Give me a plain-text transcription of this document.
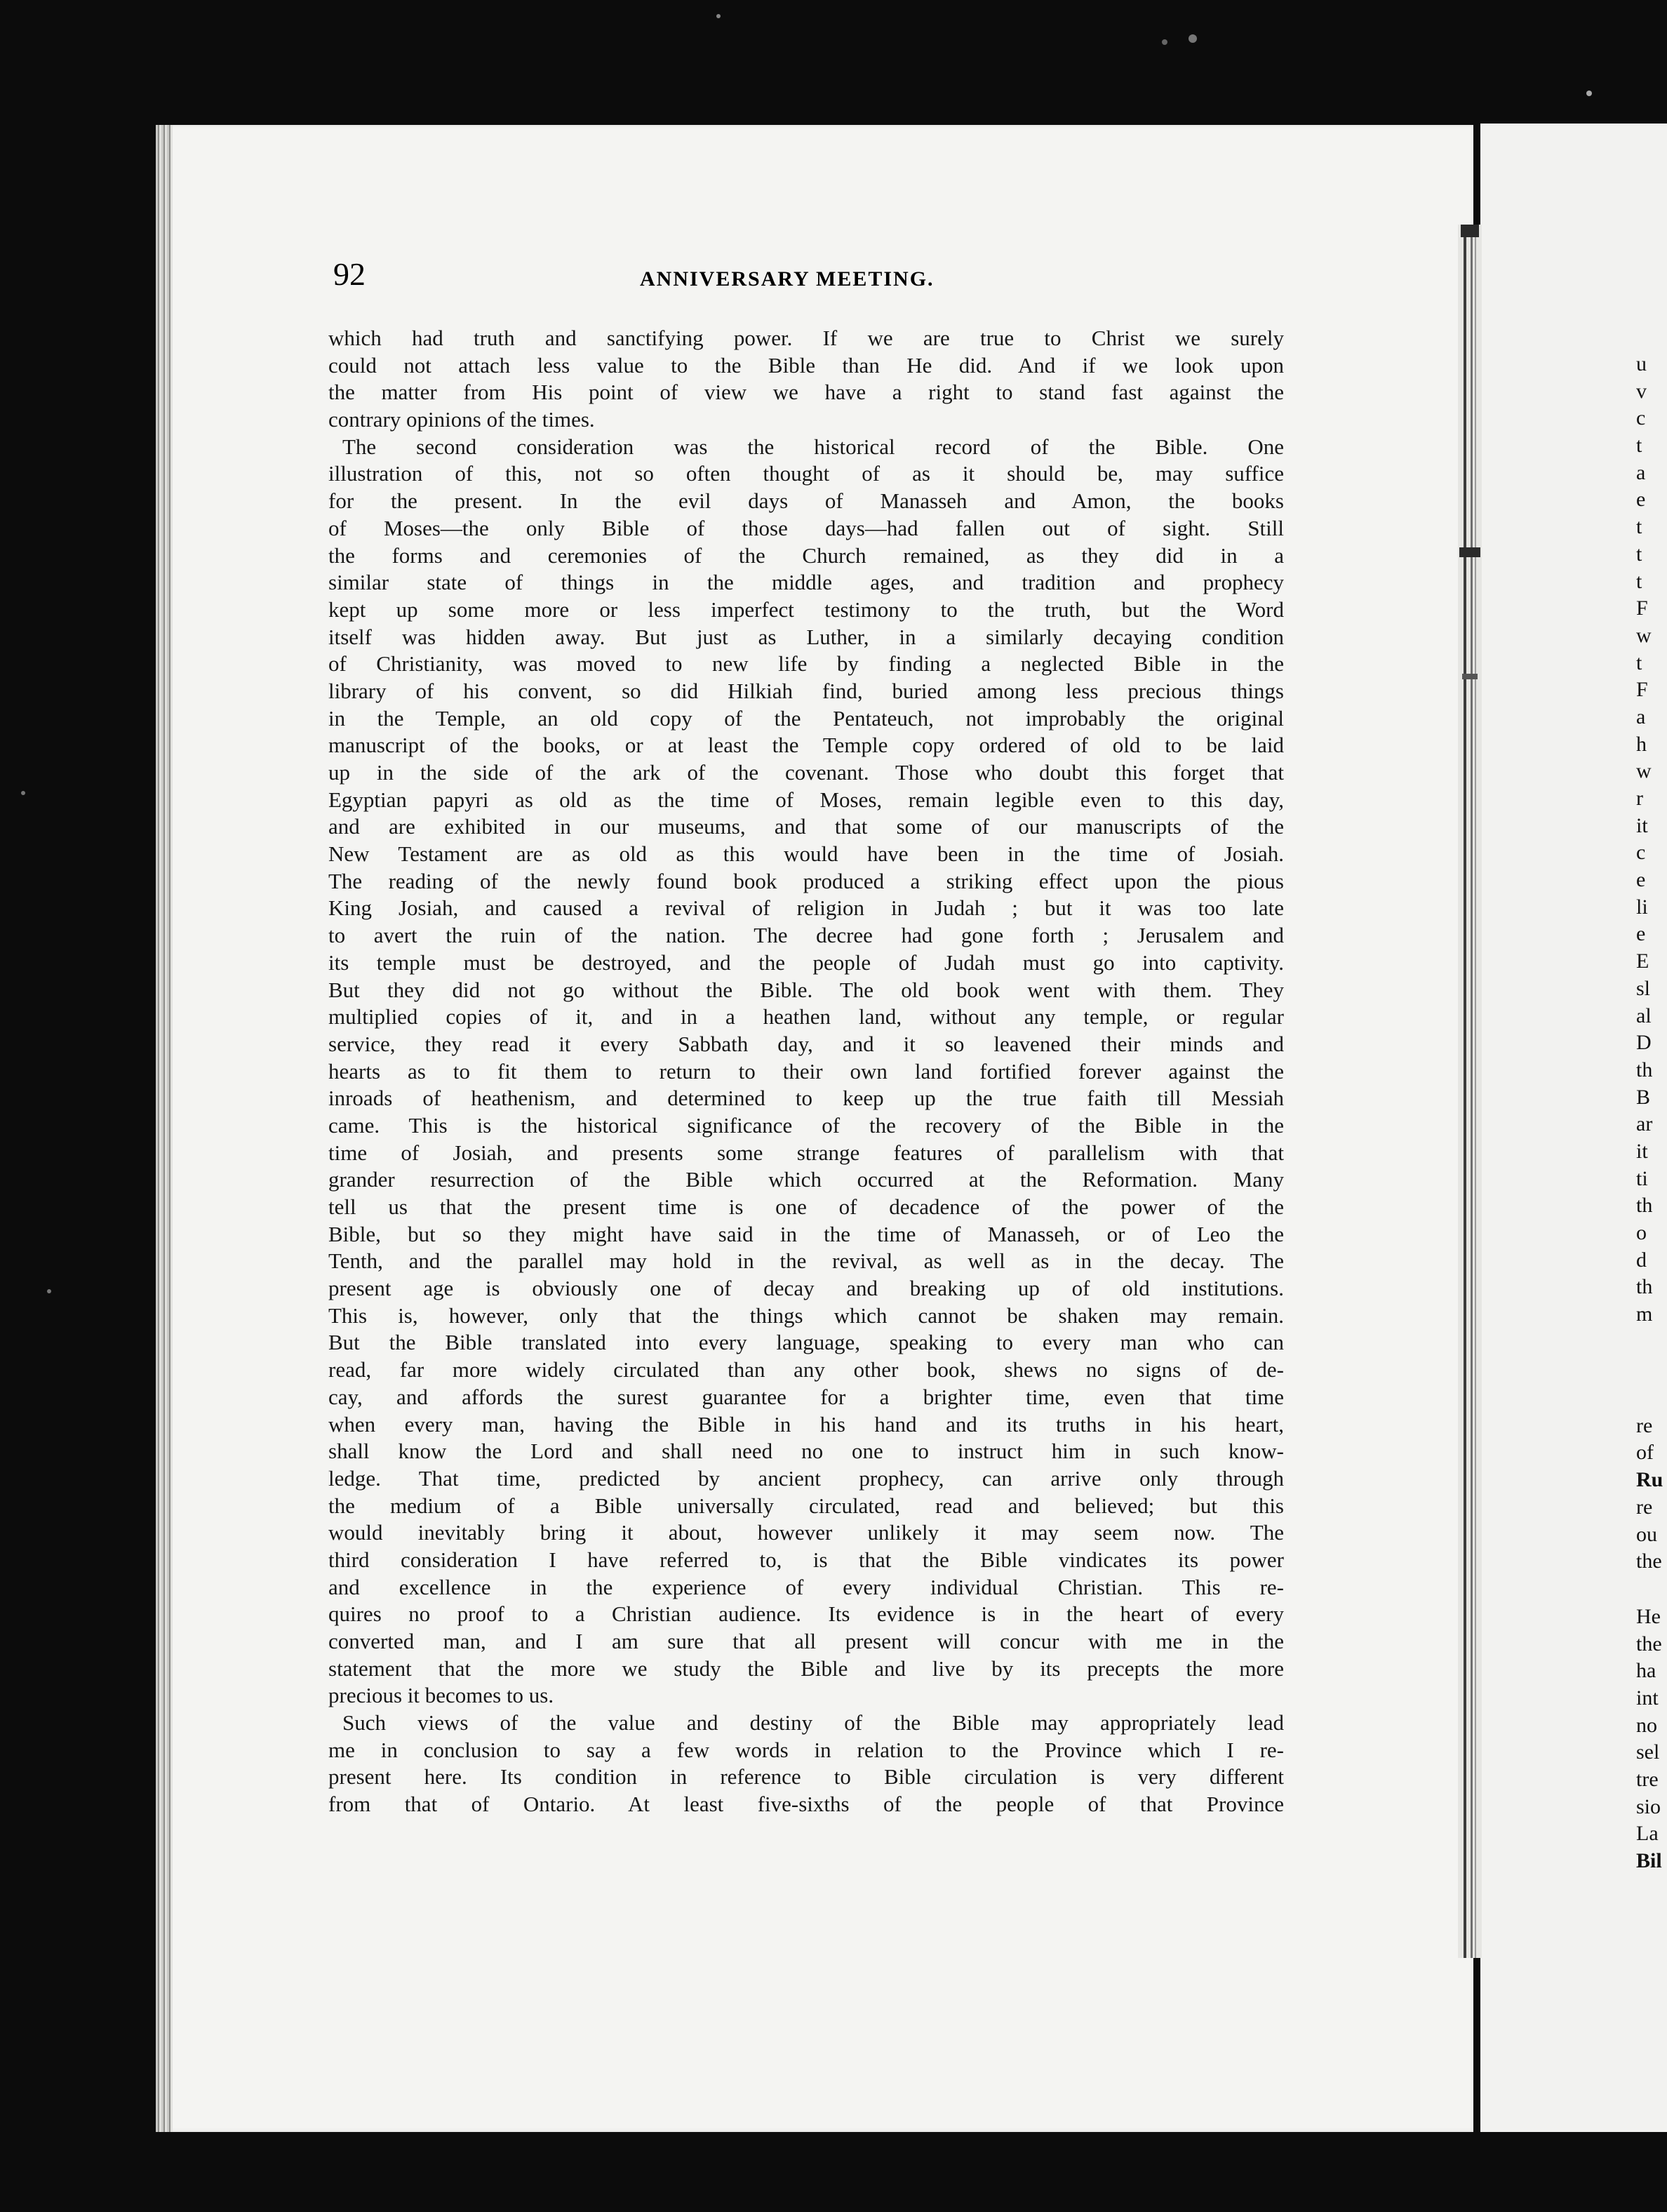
92	ANNIVERSARY MEETING.
which had truth and sanctifying power. If we are true to Christ we surely
could not attach less value to the Bible than He did. And if we look upon
the matter from His point of view we have a right to stand fast against the
contrary opinions of the times.
The second consideration was the historical record of the Bible. One
illustration of this, not so often thought of as it should be, may suffice
for the present. In the evil days of Manasseh and Amon, the books
of Moses—the only Bible of those days—had fallen out of sight. Still
the forms and ceremonies of the Church remained, as they did in a
similar state of things in the middle ages, and tradition and prophecy
kept up some more or less imperfect testimony to the truth, but the Word
itself was hidden away. But just as Luther, in a similarly decaying condition
of Christianity, was moved to new life by finding a neglected Bible in the
library of his convent, so did Hilkiah find, buried among less precious things
in the Temple, an old copy of the Pentateuch, not improbably the original
manuscript of the books, or at least the Temple copy ordered of old to be laid
up in the side of the ark of the covenant. Those who doubt this forget that
Egyptian papyri as old as the time of Moses, remain legible even to this day,
and are exhibited in our museums, and that some of our manuscripts of the
New Testament are as old as this would have been in the time of Josiah.
The reading of the newly found book produced a striking effect upon the pious
King Josiah, and caused a revival of religion in Judah ; but it was too late
to avert the ruin of the nation. The decree had gone forth ; Jerusalem and
its temple must be destroyed, and the people of Judah must go into captivity.
But they did not go without the Bible. The old book went with them. They
multiplied copies of it, and in a heathen land, without any temple, or regular
service, they read it every Sabbath day, and it so leavened their minds and
hearts as to fit them to return to their own land fortified forever against the
inroads of heathenism, and determined to keep up the true faith till Messiah
came. This is the historical significance of the recovery of the Bible in the
time of Josiah, and presents some strange features of parallelism with that
grander resurrection of the Bible which occurred at the Reformation. Many
tell us that the present time is one of decadence of the power of the
Bible, but so they might have said in the time of Manasseh, or of Leo the
Tenth, and the parallel may hold in the revival, as well as in the decay. The
present age is obviously one of decay and breaking up of old institutions.
This is, however, only that the things which cannot be shaken may remain.
But the Bible translated into every language, speaking to every man who can
read, far more widely circulated than any other book, shews no signs of de-
cay, and affords the surest guarantee for a brighter time, even that time
when every man, having the Bible in his hand and its truths in his heart,
shall know the Lord and shall need no one to instruct him in such know-
ledge. That time, predicted by ancient prophecy, can arrive only through
the medium of a Bible universally circulated, read and believed; but this
would inevitably bring it about, however unlikely it may seem now. The
third consideration I have referred to, is that the Bible vindicates its power
and excellence in the experience of every individual Christian. This re-
quires no proof to a Christian audience. Its evidence is in the heart of every
converted man, and I am sure that all present will concur with me in the
statement that the more we study the Bible and live by its precepts the more
precious it becomes to us.
Such views of the value and destiny of the Bible may appropriately lead
me in conclusion to say a few words in relation to the Province which I re-
present here. Its condition in reference to Bible circulation is very different
from that of Ontario. At least five-sixths of the people of that Province
u
v
c
t
a
e
t
t
t
F
w
t
F
a
h
w
r
it
c
e
li
e
E
sl
al
D
th
B
ar
it
ti
th
o
d
th
m
re
of
Ru
re
ou
the
He
the
ha
int
no
sel
tre
sio
La
Bil
